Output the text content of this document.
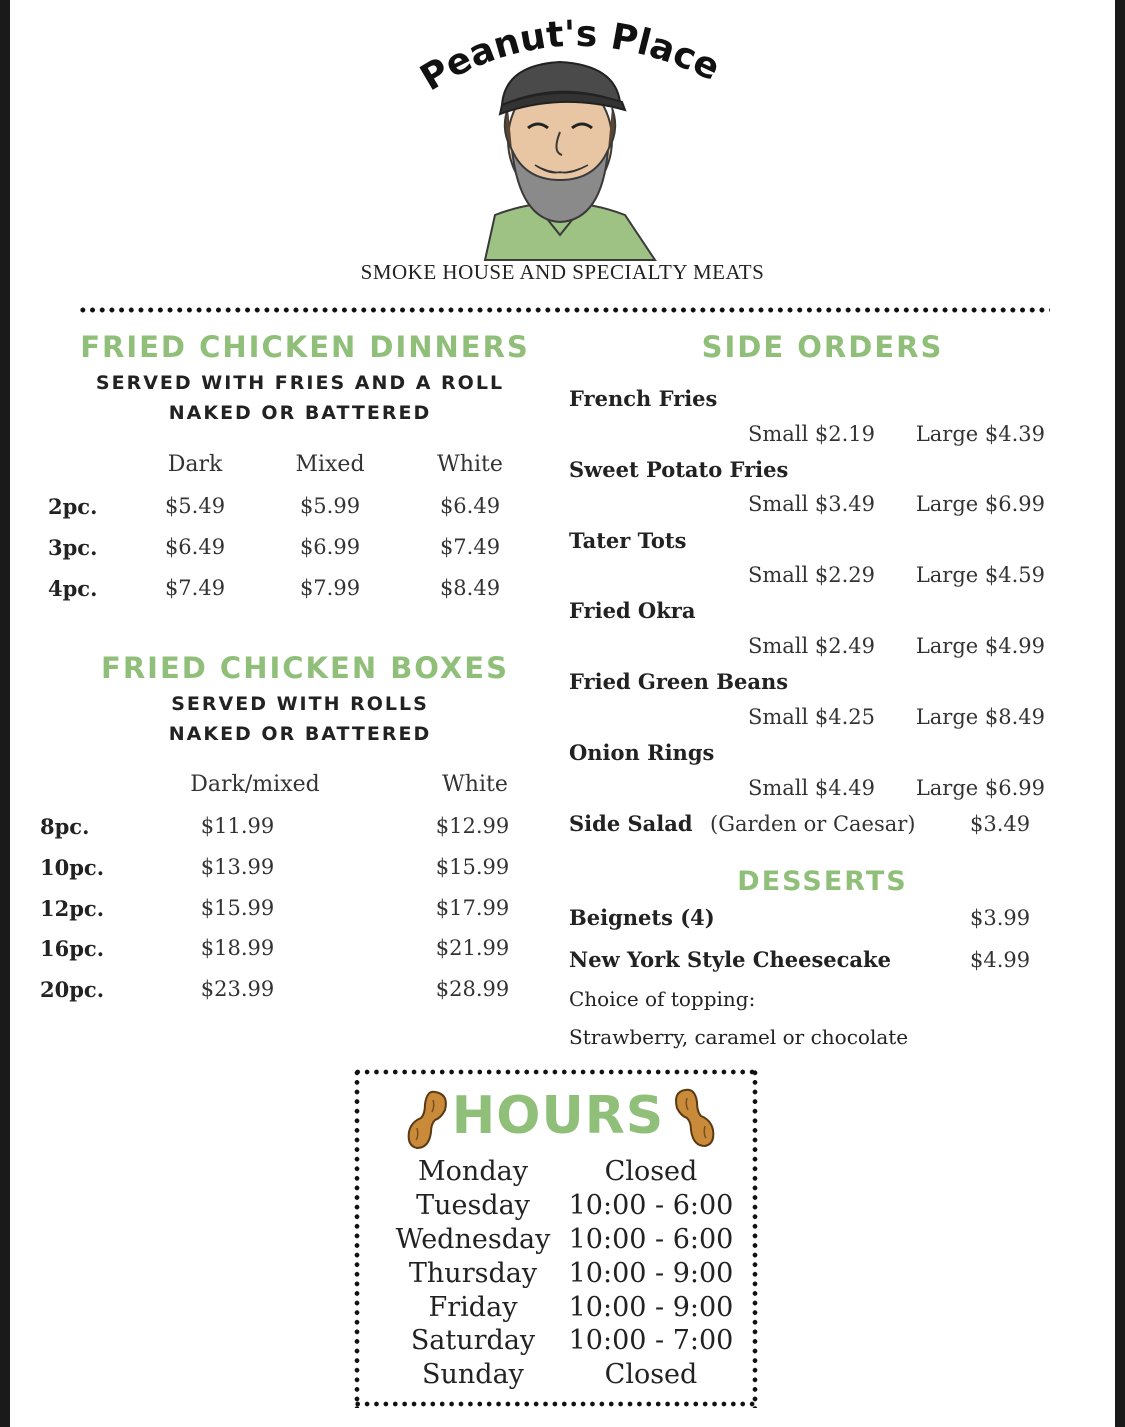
Peanut's Place
SMOKE HOUSE AND SPECIALTY MEATS
FRIED CHICKEN DINNERS
SERVED WITH FRIES AND A ROLL
NAKED OR BATTERED
Dark	Mixed	White
2pc.	$5.49	$5.99	$6.49
3pc.	$6.49	$6.99	$7.49
4pc.	$7.49	$7.99	$8.49
FRIED CHICKEN BOXES
SERVED WITH ROLLS
NAKED OR BATTERED
Dark/mixed	White
8pc.	$11.99	$12.99
10pc.	$13.99	$15.99
12pc.	$15.99	$17.99
16pc.	$18.99	$21.99
20pc.	$23.99	$28.99
SIDE ORDERS
French Fries
Small $2.19	Large $4.39
Sweet Potato Fries
Small $3.49	Large $6.99
Tater Tots
Small $2.29	Large $4.59
Fried Okra
Small $2.49	Large $4.99
Fried Green Beans
Small $4.25	Large $8.49
Onion Rings
Small $4.49	Large $6.99
Side Salad (Garden or Caesar)	$3.49
DESSERTS
Beignets (4)	$3.99
New York Style Cheesecake	$4.99
Choice of topping:
Strawberry, caramel or chocolate
HOURS
Monday	Closed
Tuesday	10:00 - 6:00
Wednesday 10:00 - 6:00
Thursday	10:00 - 9:00
Friday	10:00 - 9:00
Saturday	10:00 - 7:00
Sunday	Closed
